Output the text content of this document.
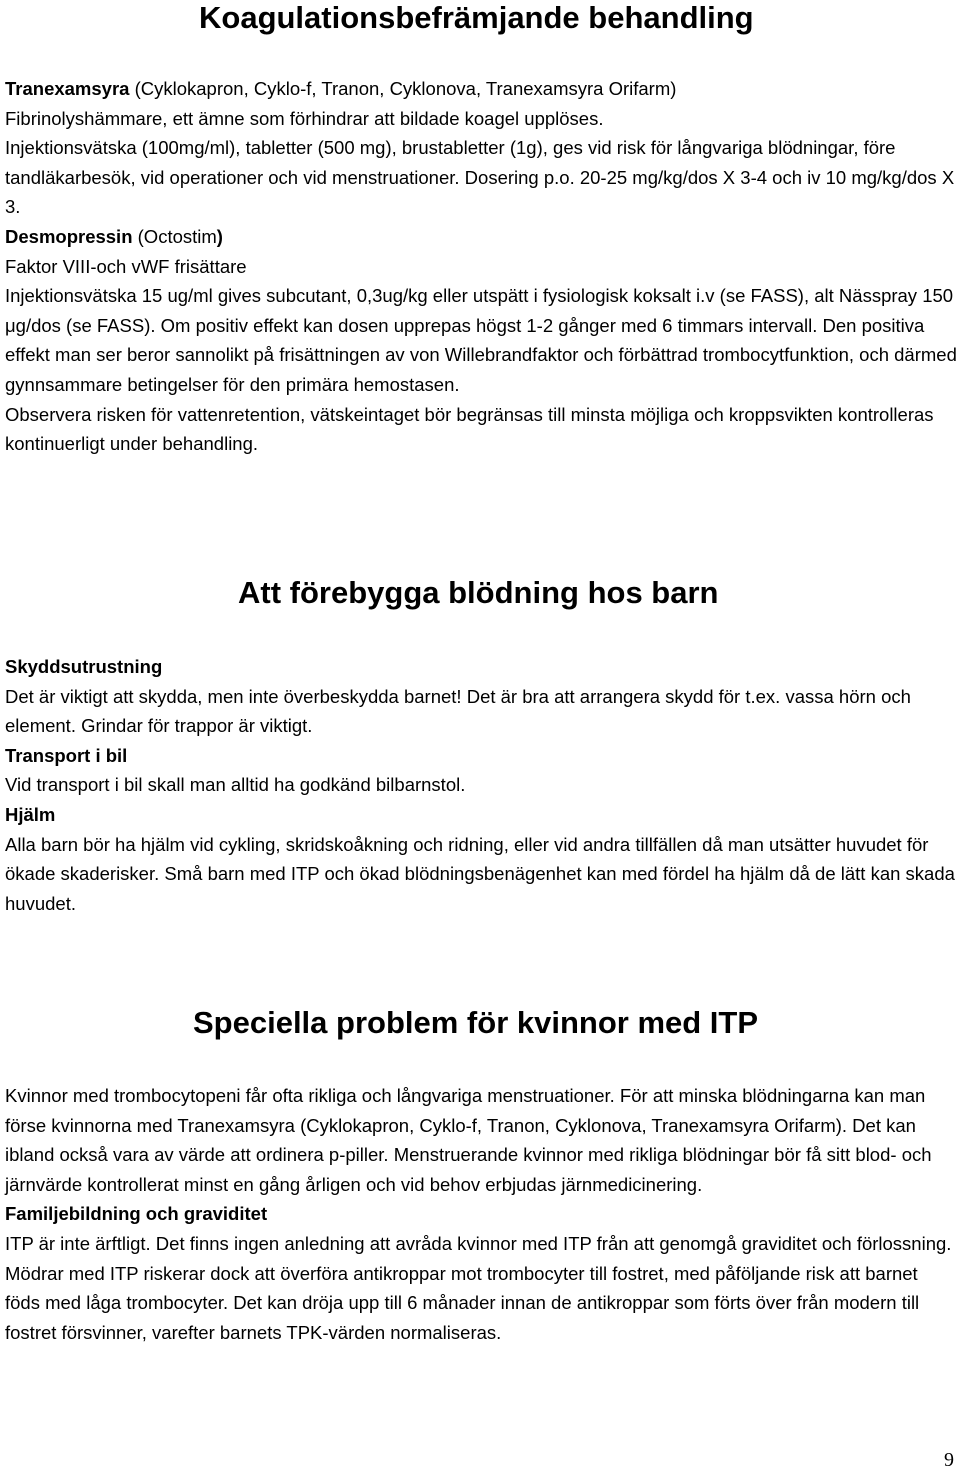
Koagulationsbefrämjande behandling

Tranexamsyra (Cyklokapron, Cyklo-f, Tranon, Cyklonova, Tranexamsyra Orifarm)

Fibrinolyshämmare, ett ämne som förhindrar att bildade koagel upplöses.

Injektionsvätska (100mg/ml), tabletter (500 mg), brustabletter (1g), ges vid risk för långvariga blödningar, före tandläkarbesök, vid operationer och vid menstruationer. Dosering p.o. 20-25 mg/kg/dos X 3-4 och iv 10 mg/kg/dos X 3.

Desmopressin (Octostim)

Faktor VIII-och vWF frisättare

Injektionsvätska 15 ug/ml gives subcutant, 0,3ug/kg eller utspätt i fysiologisk koksalt i.v (se FASS), alt Nässpray 150 μg/dos (se FASS). Om positiv effekt kan dosen upprepas högst 1-2 gånger med 6 timmars intervall. Den positiva effekt man ser beror sannolikt på frisättningen av von Willebrandfaktor och förbättrad trombocytfunktion, och därmed gynnsammare betingelser för den primära hemostasen.

Observera risken för vattenretention, vätskeintaget bör begränsas till minsta möjliga och kroppsvikten kontrolleras kontinuerligt under behandling.

Att förebygga blödning hos barn

Skyddsutrustning

Det är viktigt att skydda, men inte överbeskydda barnet! Det är bra att arrangera skydd för t.ex. vassa hörn och element. Grindar för trappor är viktigt.

Transport i bil

Vid transport i bil skall man alltid ha godkänd bilbarnstol.

Hjälm

Alla barn bör ha hjälm vid cykling, skridskoåkning och ridning, eller vid andra tillfällen då man utsätter huvudet för ökade skaderisker. Små barn med ITP och ökad blödningsbenägenhet kan med fördel ha hjälm då de lätt kan skada huvudet.

Speciella problem för kvinnor med ITP

Kvinnor med trombocytopeni får ofta rikliga och långvariga menstruationer. För att minska blödningarna kan man förse kvinnorna med Tranexamsyra (Cyklokapron, Cyklo-f, Tranon, Cyklonova, Tranexamsyra Orifarm). Det kan ibland också vara av värde att ordinera p-piller. Menstruerande kvinnor med rikliga blödningar bör få sitt blod- och järnvärde kontrollerat minst en gång årligen och vid behov erbjudas järnmedicinering.

Familjebildning och graviditet

ITP är inte ärftligt. Det finns ingen anledning att avråda kvinnor med ITP från att genomgå graviditet och förlossning. Mödrar med ITP riskerar dock att överföra antikroppar mot trombocyter till fostret, med påföljande risk att barnet föds med låga trombocyter. Det kan dröja upp till 6 månader innan de antikroppar som förts över från modern till fostret försvinner, varefter barnets TPK-värden normaliseras.

9
